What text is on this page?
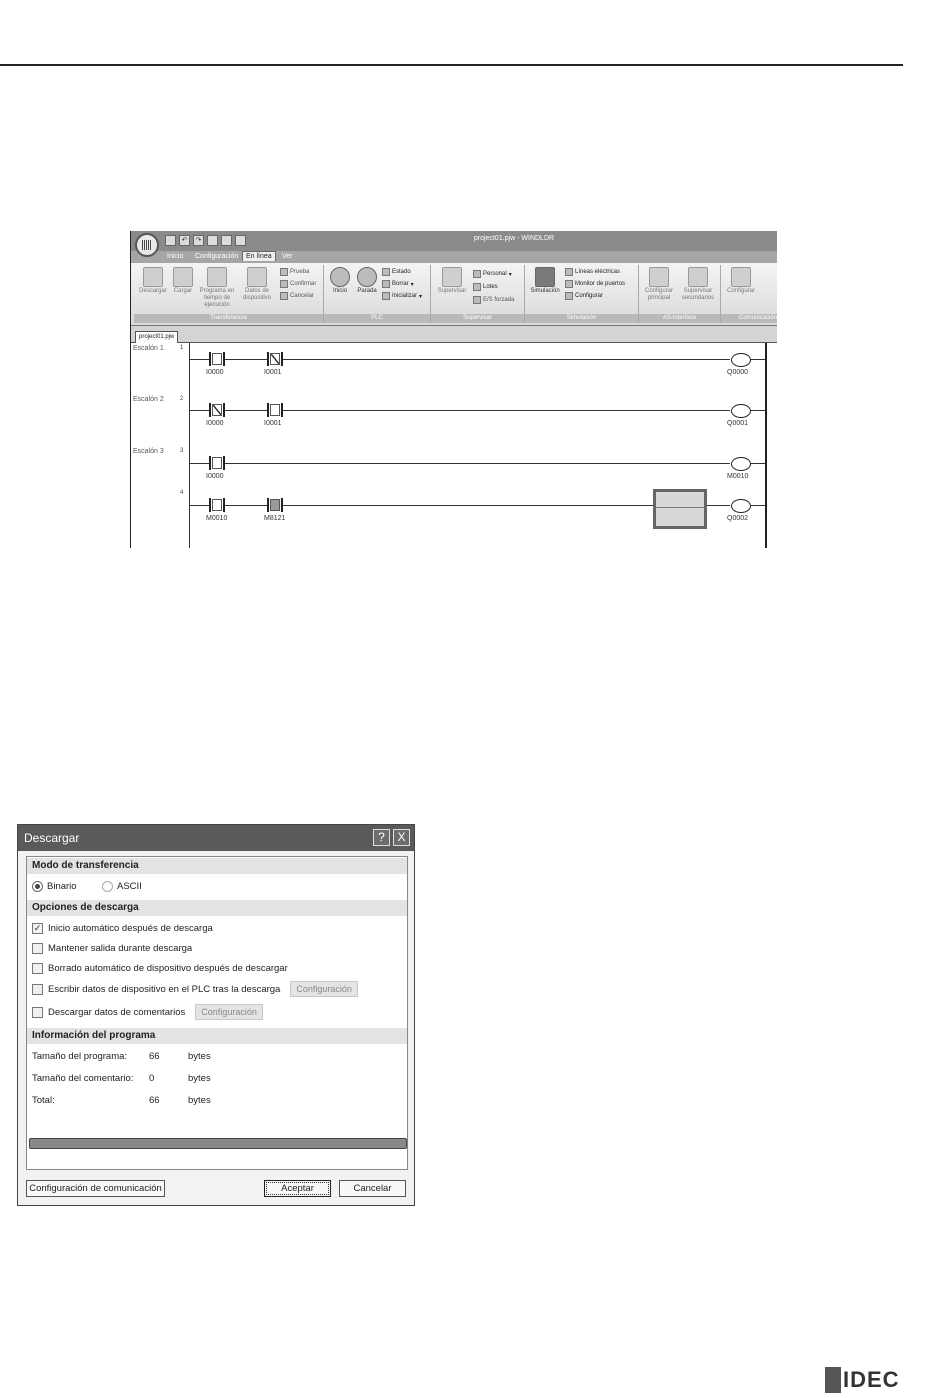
↶	↷	project01.pjw - WINDLDR
Inicio	Configuración	En línea	Ver
Descargar	Cargar	Programa en tiempo de ejecución
Datos de dispositivo
Prueba
Confirmar
Cancelar
Transferencia
Inicio	Parada
Estado
Borrar ▾
Inicializar ▾
PLC
Supervisar
Personal ▾
Lotes
E/S forzada
Supervisar
Simulación
Líneas eléctricas
Monitor de puertos
Configurar
Simulación
Configurar principal
Supervisar secundarios
AS-Interface
Configurar
Comunicación
project01.pjw
Escalón 1
Escalón 2
Escalón 3
1
2
3
4
I0000	I0001	Q0000
I0000	I0001	Q0001
I0000	M0010
M0010	M8121	Q0002
Descargar	?	X
Modo de transferencia
Binario	ASCII
Opciones de descarga
✓ Inicio automático después de descarga
Mantener salida durante descarga
Borrado automático de dispositivo después de descargar
Escribir datos de dispositivo en el PLC tras la descarga	Configuración
Descargar datos de comentarios	Configuración
Información del programa
Tamaño del programa: 66	bytes
Tamaño del comentario: 0	bytes
Total:	66	bytes
Configuración de comunicación	Aceptar	Cancelar
IDEC
